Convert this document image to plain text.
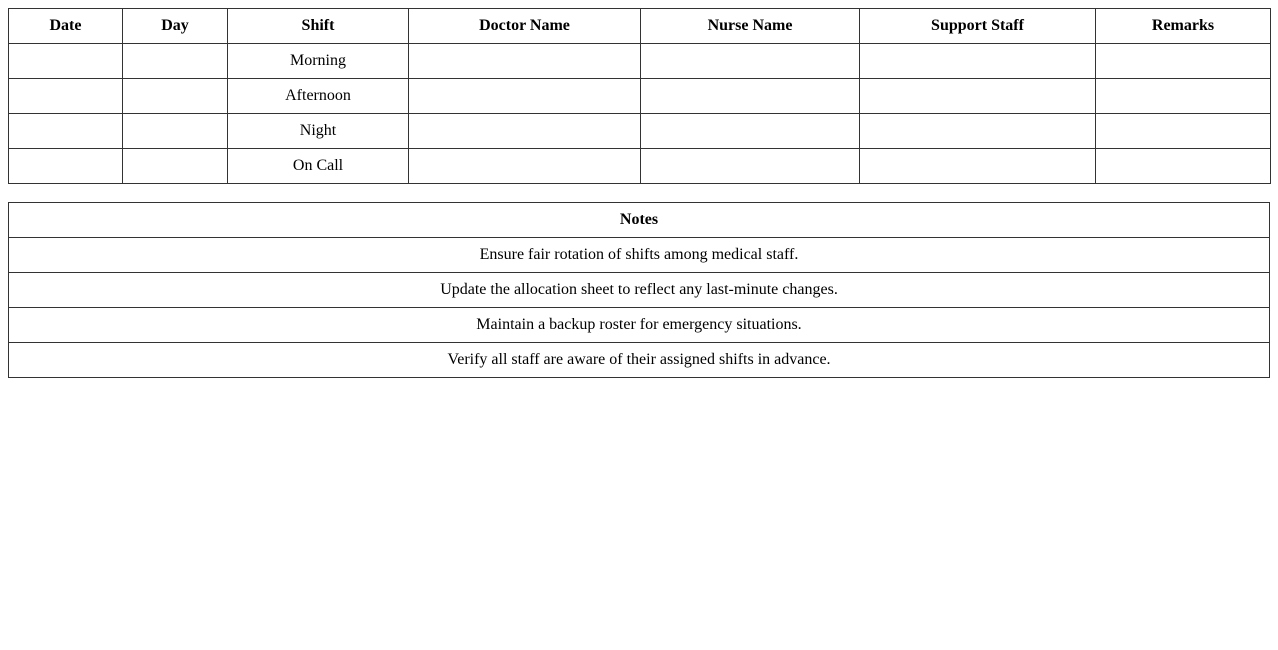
Date	Day	Shift	Doctor Name	Nurse Name	Support Staff	Remarks
		Morning				
		Afternoon				
		Night				
		On Call				
Notes
Ensure fair rotation of shifts among medical staff.
Update the allocation sheet to reflect any last-minute changes.
Maintain a backup roster for emergency situations.
Verify all staff are aware of their assigned shifts in advance.
